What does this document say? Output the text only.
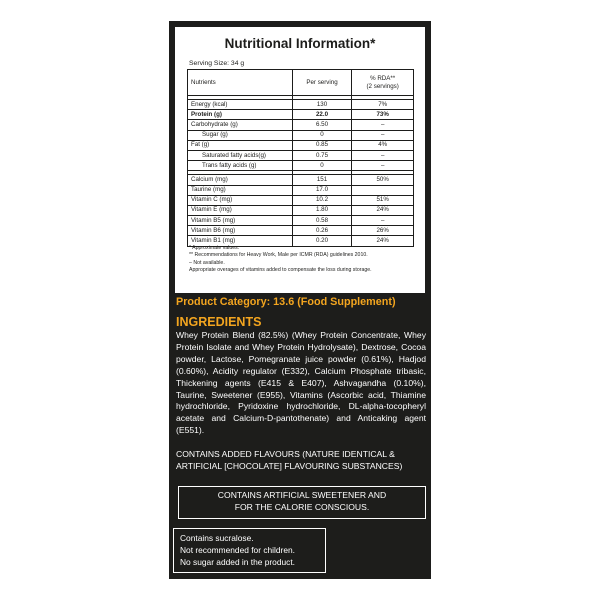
Nutritional Information*
Serving Size: 34 g
Nutrients	Per serving	% RDA**
(2 servings)

Energy (kcal)	130	7%
Protein (g)	22.0	73%
Carbohydrate (g)	6.50	–
Sugar (g)	0	–
Fat (g)	0.85	4%
Saturated fatty acids(g)	0.75	–
Trans fatty acids (g)	0	–

Calcium (mg)	151	50%
Taurine (mg)	17.0	
Vitamin C (mg)	10.2	51%
Vitamin E (mg)	1.80	24%
Vitamin B5 (mg)	0.58	–
Vitamin B6 (mg)	0.26	26%
Vitamin B1 (mg)	0.20	24%
* Approximate values.
** Recommendations for Heavy Work, Male per ICMR (RDA) guidelines 2010.
– Not available.
Appropriate overages of vitamins added to compensate the loss during storage.
Product Category: 13.6 (Food Supplement)
INGREDIENTS
Whey Protein Blend (82.5%) (Whey Protein Concentrate, Whey Protein Isolate and Whey Protein Hydrolysate), Dextrose, Cocoa powder, Lactose, Pomegranate juice powder (0.61%), Hadjod (0.60%), Acidity regulator (E332), Calcium Phosphate tribasic, Thickening agents (E415 & E407), Ashvagandha (0.10%), Taurine, Sweetener (E955), Vitamins (Ascorbic acid, Thiamine hydrochloride, Pyridoxine hydrochloride, DL-alpha-tocopheryl acetate and Calcium-D-pantothenate) and Anticaking agent (E551).
CONTAINS ADDED FLAVOURS (NATURE IDENTICAL & ARTIFICIAL [CHOCOLATE] FLAVOURING SUBSTANCES)
CONTAINS ARTIFICIAL SWEETENER AND
FOR THE CALORIE CONSCIOUS.
Contains sucralose.
Not recommended for children.
No sugar added in the product.
